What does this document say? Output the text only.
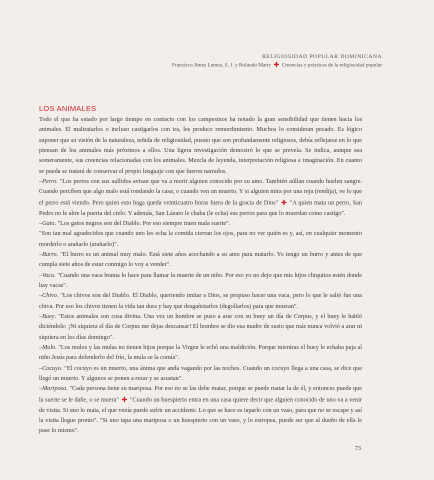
RELIGIOSIDAD POPULAR DOMINICANA
Francisco Jimez Lemos, S. J. y Rolando Marty ✚ Creencias y prácticas de la religiosidad popular
LOS ANIMALES

Todo el que ha estado por largo tiempo en contacto con los campesinos ha notado la gran sensibilidad que tienen hacia los animales. El maltratarlos o incluso castigarlos con ira, les produce remordimiento. Muchos lo consideran pecado. Es lógico suponer que su visión de la naturaleza, teñida de religiosidad, puesto que son profundamente religiosos, debía reflejarse en lo que piensan de los animales más próximos a ellos. Una ligera investigación demostró lo que se preveía. Se indica, aunque sea someramente, sus creencias relacionadas con los animales. Mezcla de leyenda, interpretación religiosa e imaginación. En cuanto se pueda se tratará de conservar el propio lenguaje con que fueron narrados.

–Perro. "Los perros con sus aullidos avisan que va a morir alguien conocido por su amo. También aúllan cuando huelen sangre. Cuando perciben que algo malo está rondando la casa; o cuando ven un muerto. Y si alguien mira por una reja (rendija), ve lo que el perro está viendo. Pero quien esto haga queda veinticuatro horas fuera de la gracia de Dios" ✚ "A quien mata un perro, San Pedro no le abre la puerta del cielo. Y además, San Lázaro le chaba (le echa) sus perros para que lo muerdan como castigo".

–Gato. "Los gatos negros son del Diablo. Por eso siempre traen mala suerte".

"Son tan mal agradecidos que cuando uno les echa la comida cierran los ojos, para no ver quién es y, así, en cualquier momento morderlo o arañarlo (arañarlo)".

–Burro. "El burro es un animal muy malo. Está siete años acechando a su amo para matarlo. Yo tengo un burro y antes de que cumpla siete años de estar conmigo lo voy a vender".

–Vaca. "Cuando una vaca brama lo hace para llamar la muerte de un niño. Por eso yo no dejo que mis hijos chiquitos estén donde hay vacas".

–Chivo. "Los chivos son del Diablo. El Diablo, queriendo imitar a Dios, se propuso hacer una vaca, pero lo que le salió fue una chiva. Por eso los chivos tienen la vida tan dura y hay que desgañotarlos (degollarlos) para que mueran".

–Buey. "Estos animales son cosa divina. Una vez un hombre se puso a arar con su buey un día de Corpus, y el buey le habló diciéndole: ¡Ni siquiera el día de Corpus me dejas descansar! El hombre se dio esa madre de susto que más nunca volvió a arar ni siquiera en los días domingo".

–Mulo. "Los mulos y las mulas no tienen hijos porque la Virgen le echó una maldición. Porque mientras el buey le echaba paja al niño Jesús para defenderlo del frío, la mula se la comía".

–Cocuyo. "El cocuyo es un muerto, una ánima que anda vagando por las noches. Cuando un cocuyo llega a una casa, se dice que llegó un muerto. Y algunos se ponen a rezar y se asustan".

–Mariposa. "Cada persona tiene su mariposa. Por eso no se las debe matar, porque se puede matar la de él, y entonces puede que la suerte se le dañe, o se muera" ✚ "Cuando un huespierto entra en una casa quiere decir que alguien conocido de uno va a venir de visita. Si uno lo mata, el que venía puede sufrir un accidente. Lo que se hace es taparlo con un vaso, para que no se escape y así la visita llegue pronto". "Si uno tapa una mariposa o un huespierto con un vaso, y lo estropea, puede ser que al dueño de ella le pase lo mismo".

73
